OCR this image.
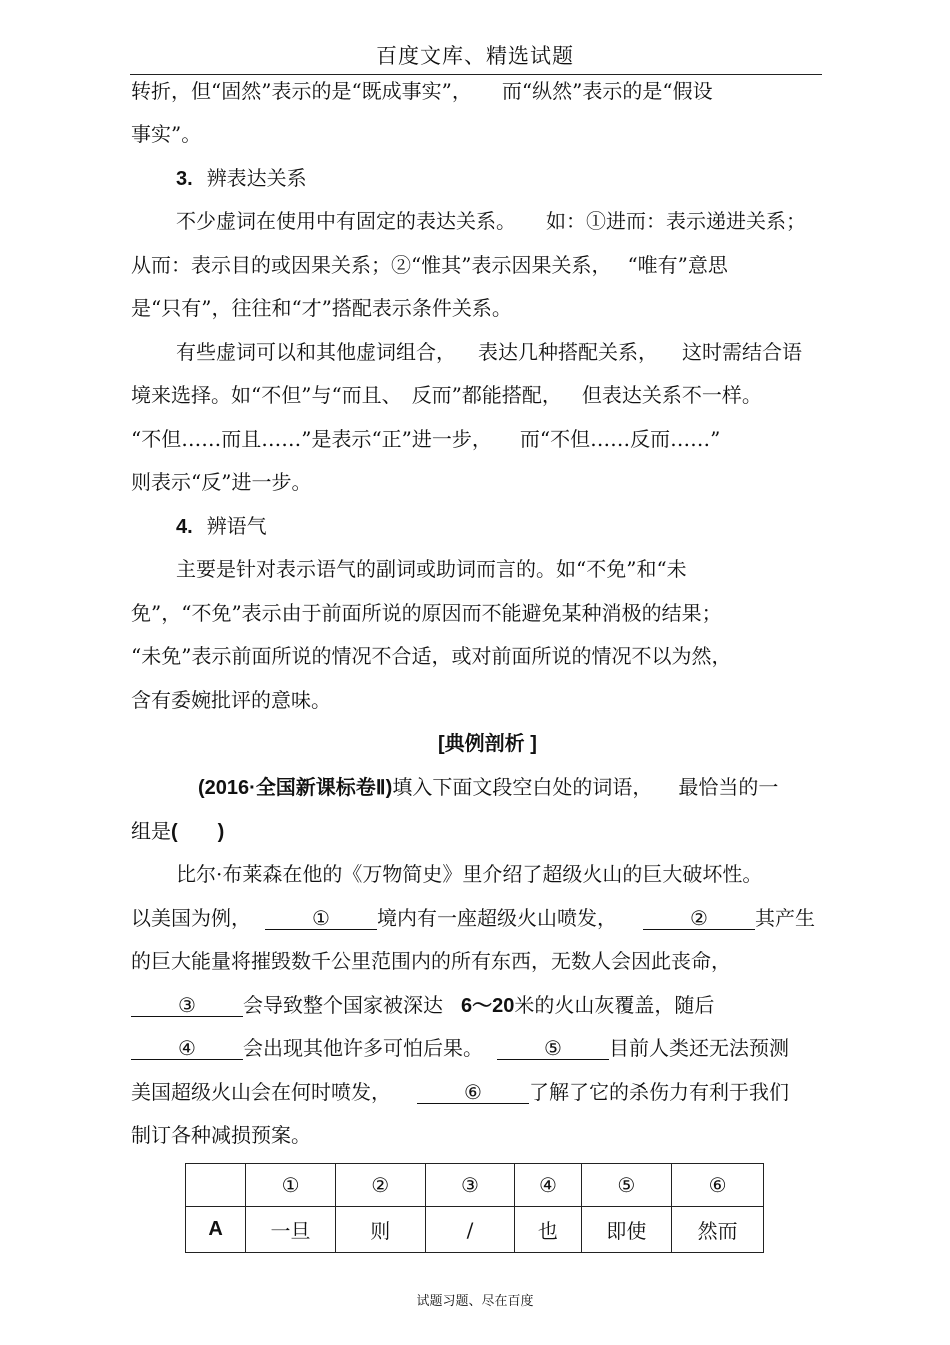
百度文库、精选试题
转折，但“固然”表示的是“既成事实”， 而“纵然”表示的是“假设
事实”。
3. 辨表达关系
不少虚词在使用中有固定的表达关系。 如：①进而：表示递进关系；
从而：表示目的或因果关系；②“惟其”表示因果关系， “唯有”意思
是“只有”，往往和“才”搭配表示条件关系。
有些虚词可以和其他虚词组合， 表达几种搭配关系， 这时需结合语
境来选择。如“不但”与“而且、 反而”都能搭配， 但表达关系不一样。
“不但……而且……”是表示“正”进一步， 而“不但……反而……”
则表示“反”进一步。
4. 辨语气
主要是针对表示语气的副词或助词而言的。如“不免”和“未
免”，“不免”表示由于前面所说的原因而不能避免某种消极的结果；
“未免”表示前面所说的情况不合适，或对前面所说的情况不以为然，
含有委婉批评的意味。
[典例剖析 ]
(2016·全国新课标卷Ⅱ)填入下面文段空白处的词语， 最恰当的一
组是(　　)
比尔·布莱森在他的《万物简史》里介绍了超级火山的巨大破坏性。
以美国为例，	① 境内有一座超级火山喷发，	② 其产生
的巨大能量将摧毁数千公里范围内的所有东西，无数人会因此丧命，
③ 会导致整个国家被深达 6～20米的火山灰覆盖，随后
④ 会出现其他许多可怕后果。	⑤ 目前人类还无法预测
美国超级火山会在何时喷发，	⑥ 了解了它的杀伤力有利于我们
制订各种减损预案。
	①	②	③	④	⑤	⑥
A	一旦	则	/	也	即使	然而
试题习题、尽在百度
